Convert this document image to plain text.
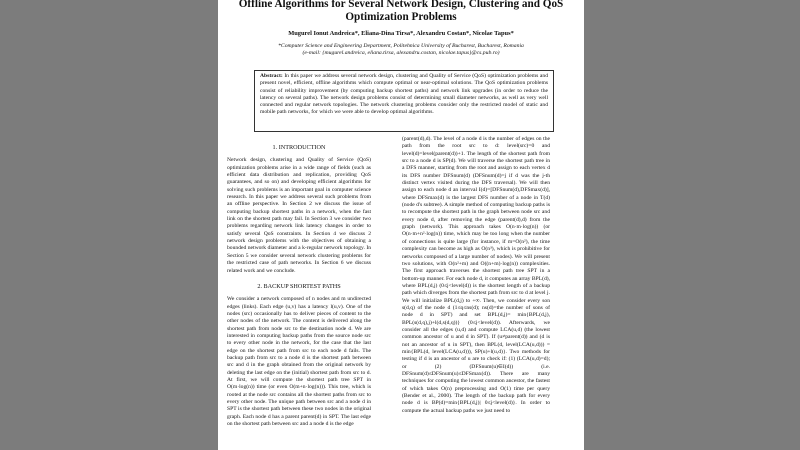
Offline Algorithms for Several Network Design, Clustering and QoS Optimization Problems
Mugurel Ionut Andreica*, Eliana-Dina Tirsa*, Alexandru Costan*, Nicolae Tapus*
*Computer Science and Engineering Department, Politehnica University of Bucharest, Bucharest, Romania
(e-mail: {mugurel.andreica, eliana.tirsa, alexandru.costan, nicolae.tapus}@cs.pub.ro)
Abstract: In this paper we address several network design, clustering and Quality of Service (QoS) optimization problems and present novel, efficient, offline algorithms which compute optimal or near-optimal solutions. The QoS optimization problems consist of reliability improvement (by computing backup shortest paths) and network link upgrades (in order to reduce the latency on several paths). The network design problems consist of determining small diameter networks, as well as very well connected and regular network topologies. The network clustering problems consider only the restricted model of static and mobile path networks, for which we were able to develop optimal algorithms.

1. INTRODUCTION

Network design, clustering and Quality of Service (QoS) optimization problems arise in a wide range of fields (such as efficient data distribution and replication, providing QoS guarantees, and so on) and developing efficient algorithms for solving such problems is an important goal in computer science research. In this paper we address several such problems from an offline perspective. In Section 2 we discuss the issue of computing backup shortest paths in a network, when the fast link on the shortest path may fail. In Section 3 we consider two problems regarding network link latency changes in order to satisfy several QoS constraints. In Section 4 we discuss 2 network design problems with the objectives of obtaining a bounded network diameter and a k-regular network topology. In Section 5 we consider several network clustering problems for the restricted case of path networks. In Section 6 we discuss related work and we conclude.

2. BACKUP SHORTEST PATHS

We consider a network composed of n nodes and m undirected edges (links). Each edge (u,v) has a latency l(u,v). One of the nodes (src) occasionally has to deliver pieces of content to the other nodes of the network. The content is delivered along the shortest path from node src to the destination node d. We are interested in computing backup paths from the source node src to every other node in the network, for the case that the last edge on the shortest path from src to each node d fails. The backup path from src to a node d is the shortest path between src and d in the graph obtained from the original network by deleting the last edge on the (initial) shortest path from src to d. At first, we will compute the shortest path tree SPT in O(m·log(n)) time (or even O(m+n·log(n))). This tree, which is rooted at the node src contains all the shortest paths from src to every other node. The unique path between src and a node d in SPT is the shortest path between these two nodes in the original graph. Each node d has a parent parent(d) in SPT. The last edge on the shortest path between src and a node d is the edge

(parent(d),d). The level of a node d is the number of edges on the path from the root src to d: level(src)=0 and level(d)=level(parent(d))+1. The length of the shortest path from src to a node d is SP(d). We will traverse the shortest path tree in a DFS manner, starting from the root and assign to each vertex d its DFS number DFSnum(d) (DFSnum(d)=j if d was the j-th distinct vertex visited during the DFS traversal). We will then assign to each node d an interval I(d)=[DFSnum(d),DFSmax(d)], where DFSmax(d) is the largest DFS number of a node in T(d) (node d's subtree). A simple method of computing backup paths is to recompute the shortest path in the graph between node src and every node d, after removing the edge (parent(d),d) from the graph (network). This approach takes O(n·m·log(n)) (or O(n·m+n²·log(n)) time, which may be too long when the number of connections is quite large (for instance, if m=O(n²), the time complexity can become as high as O(n³), which is prohibitive for networks composed of a large number of nodes). We will present two solutions, with O(n²+m) and O((n+m)·log(n)) complexities. The first approach traverses the shortest path tree SPT in a bottom-up manner. For each node d, it computes an array BPL(d), where BPL(d,j) (0≤j<level(d)) is the shortest length of a backup path which diverges from the shortest path from src to d at level j. We will initialize BPL(d,j) to +∞. Then, we consider every son s(d,q) of the node d (1≤q≤ns(d); ns(d)=the number of sons of node d in SPT) and set BPL(d,j)= min{BPL(d,j), BPL(s(d,q),j)+l(d,s(d,q))} (0≤j<level(d)). Afterwards, we consider all the edges (u,d) and compute LCA(u,d) (the lowest common ancestor of u and d in SPT). If (u≠parent(d)) and (d is not an ancestor of u in SPT), then BPL(d, level(LCA(u,d))) = min{BPL(d, level(LCA(u,d))), SP(u)+l(u,d)}. Two methods for testing if d is an ancestor of u are to check if: (1) (LCA(u,d)=d); or (2) (DFSnum(u)∈I(d)) (i.e. DFSnum(d)≤DFSnum(u)≤DFSmax(d)). There are many techniques for computing the lowest common ancestor, the fastest of which takes O(n) preprocessing and O(1) time per query (Bender et al., 2000). The length of the backup path for every node d is BP(d)=min{BPL(d,j)| 0≤j<level(d)}. In order to compute the actual backup paths we just need to
